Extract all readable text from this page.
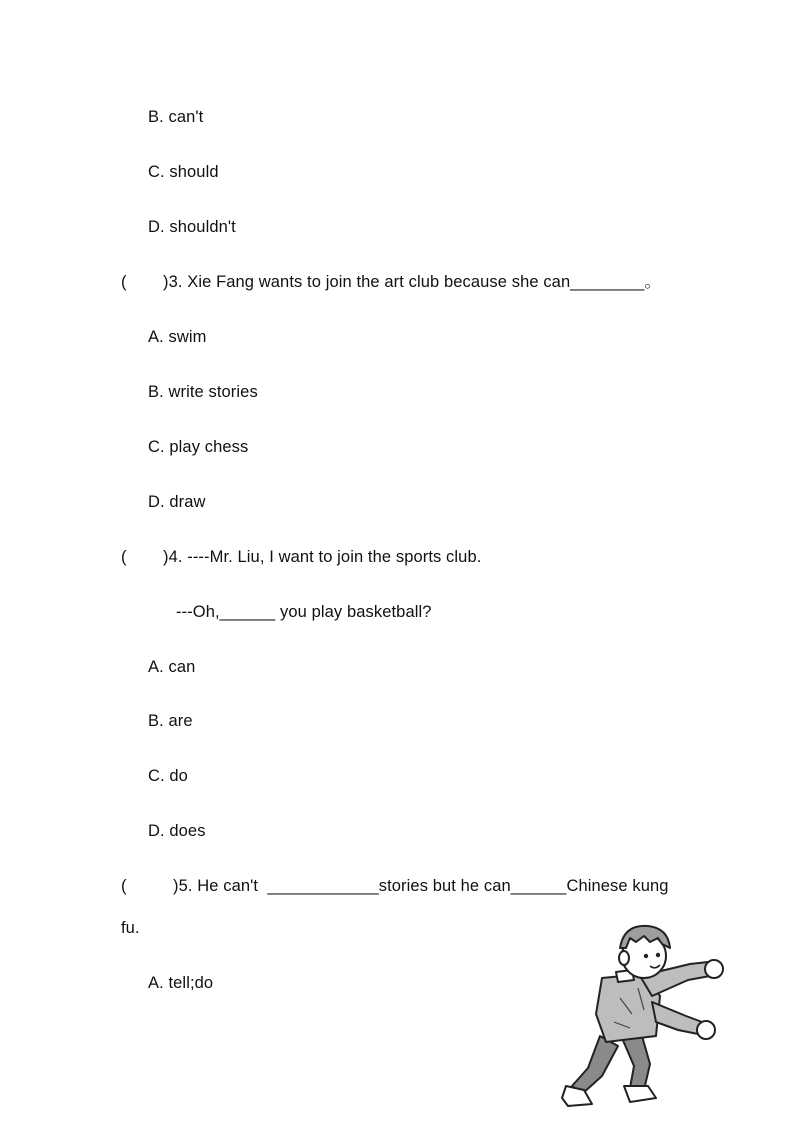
B. can't
C. should
D. shouldn't
( )3. Xie Fang wants to join the art club because she can________。
A. swim
B. write stories
C. play chess
D. draw
( )4. ----Mr. Liu, I want to join the sports club.
---Oh,______ you play basketball?
A. can
B. are
C. do
D. does
(	)5. He can't  ____________stories but he can______Chinese kung
fu.
A. tell;do
